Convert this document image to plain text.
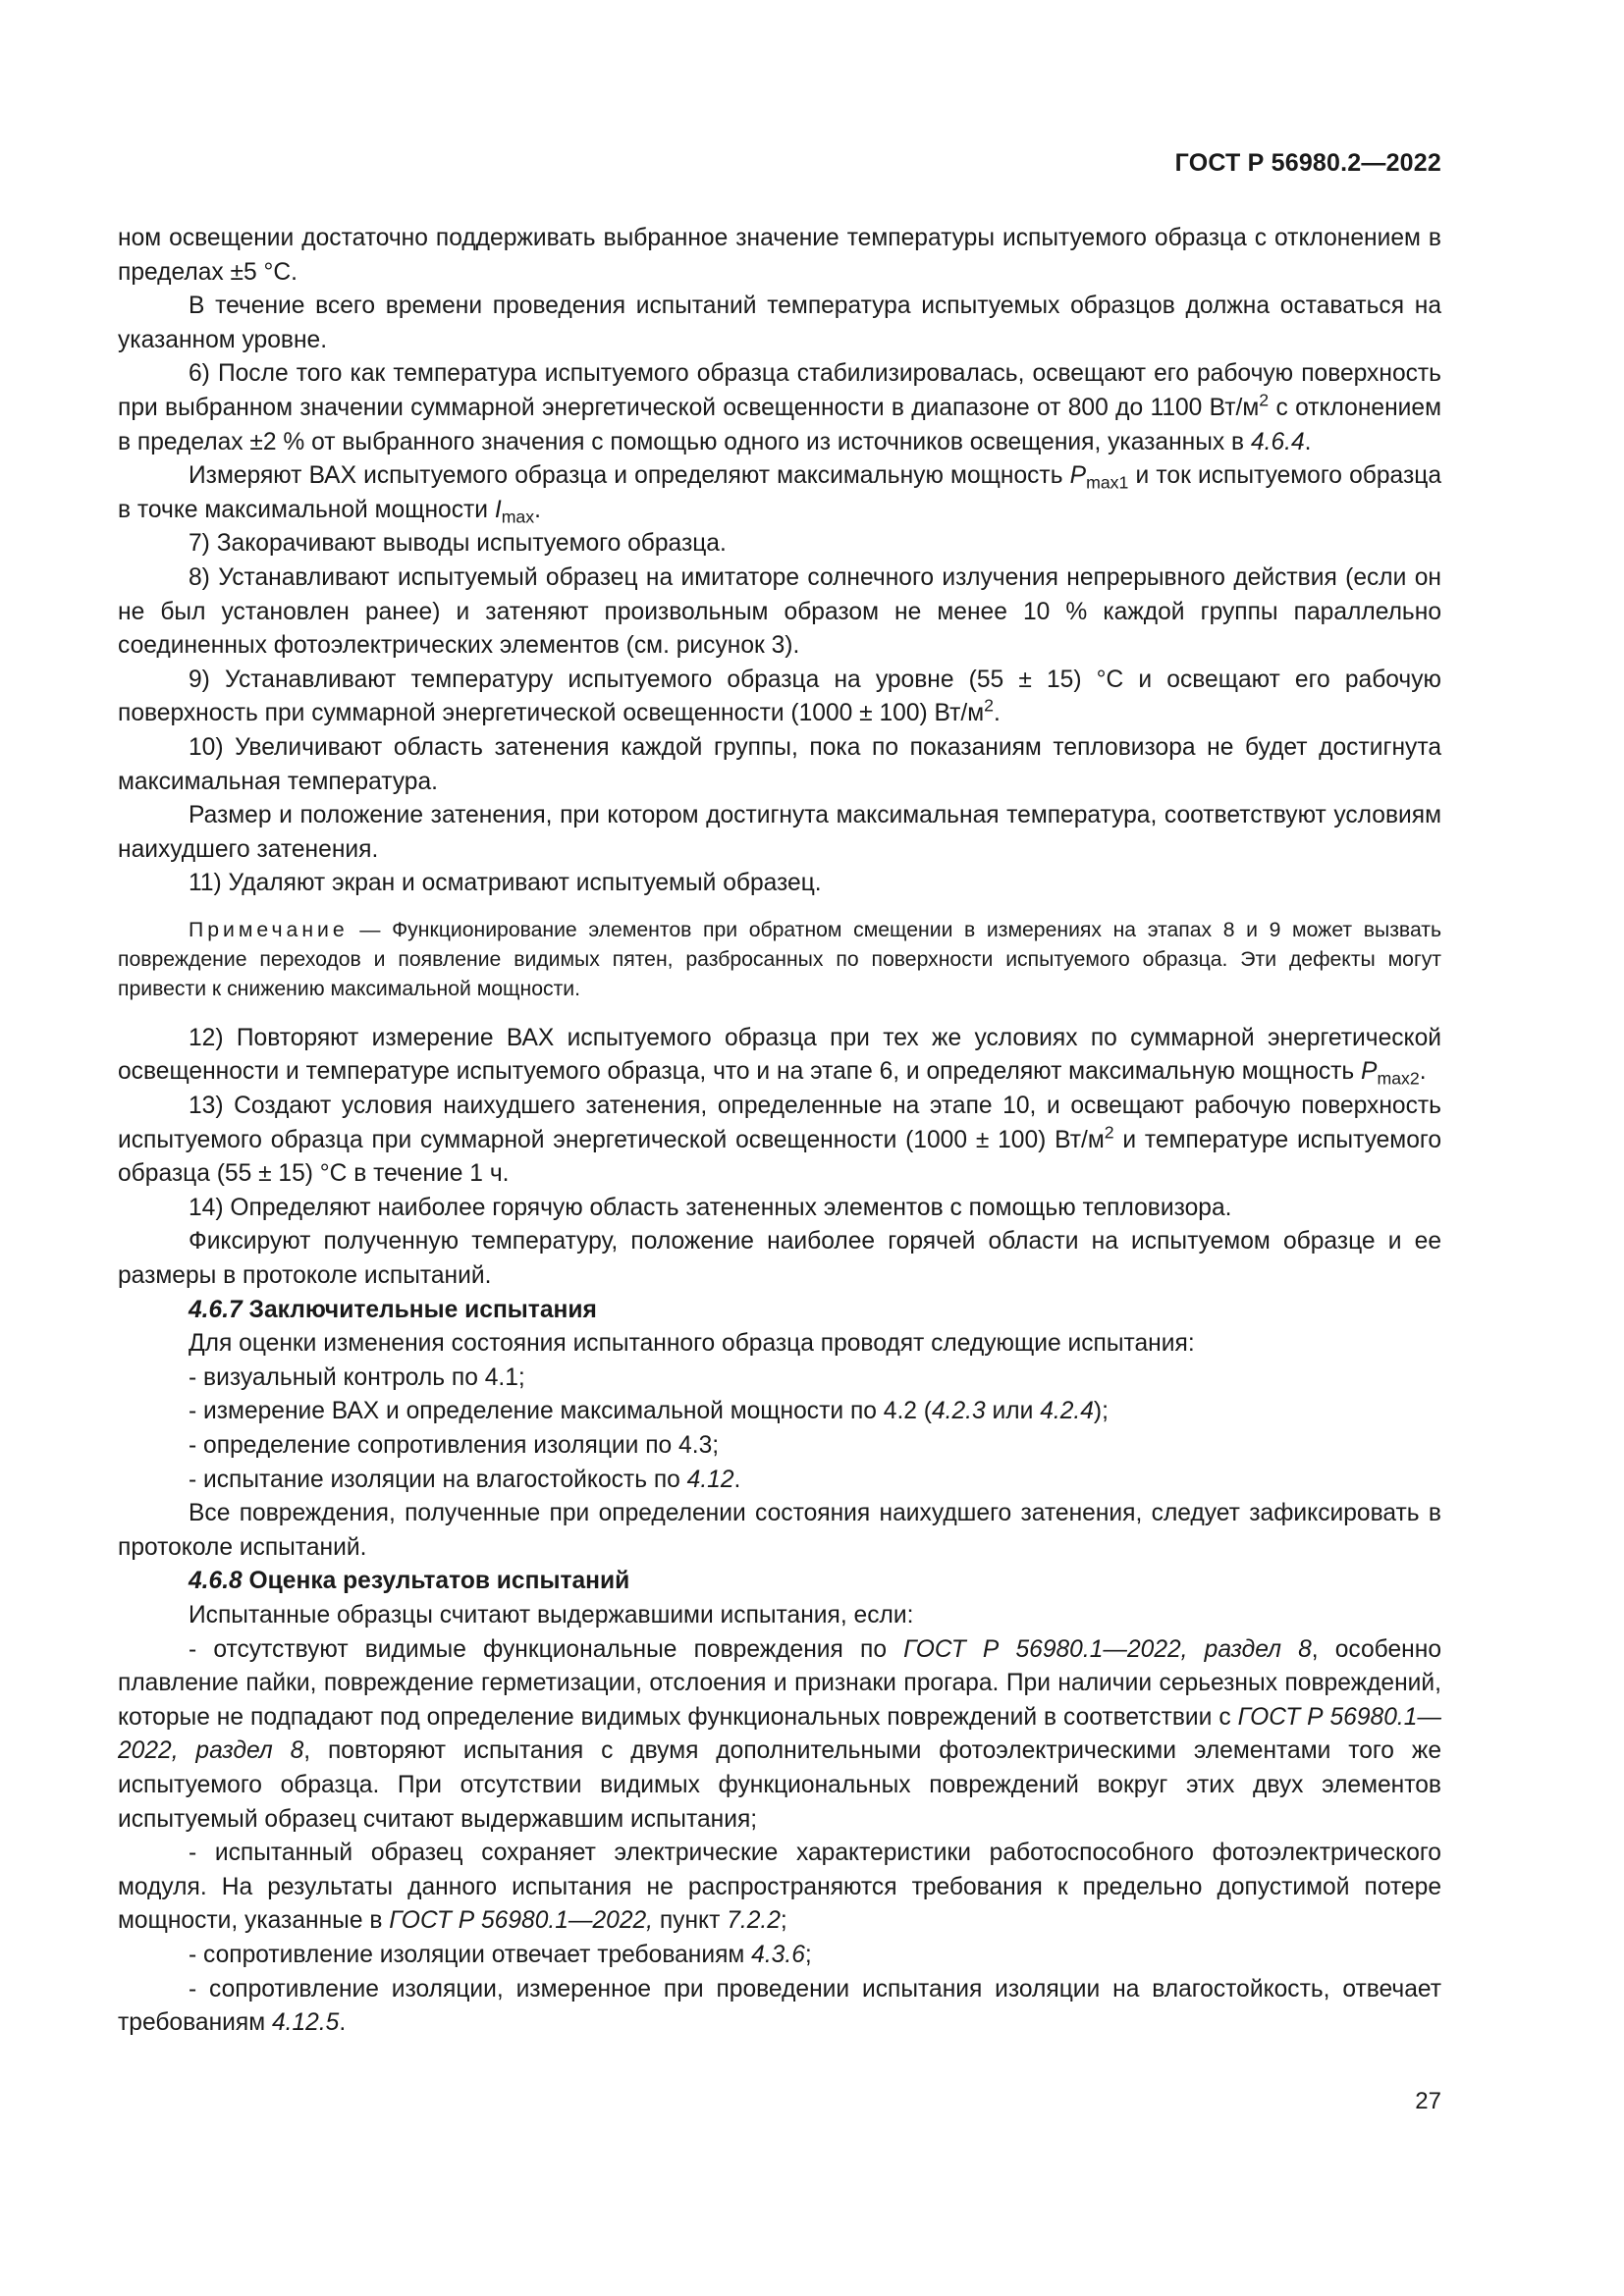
ГОСТ Р 56980.2—2022

ном освещении достаточно поддерживать выбранное значение температуры испытуемого образца с отклонением в пределах ±5 °С.

В течение всего времени проведения испытаний температура испытуемых образцов должна оставаться на указанном уровне.

6) После того как температура испытуемого образца стабилизировалась, освещают его рабочую поверхность при выбранном значении суммарной энергетической освещенности в диапазоне от 800 до 1100 $Вт/м^2$ с отклонением в пределах ±2 % от выбранного значения с помощью одного из источников освещения, указанных в 4.6.4.

Измеряют ВАХ испытуемого образца и определяют максимальную мощность $P_{max1}$ и ток испытуемого образца в точке максимальной мощности $I_{max}$.

7) Закорачивают выводы испытуемого образца.

8) Устанавливают испытуемый образец на имитаторе солнечного излучения непрерывного действия (если он не был установлен ранее) и затеняют произвольным образом не менее 10 % каждой группы параллельно соединенных фотоэлектрических элементов (см. рисунок 3).

9) Устанавливают температуру испытуемого образца на уровне (55 ± 15) °С и освещают его рабочую поверхность при суммарной энергетической освещенности (1000 ± 100) $Вт/м^2$.

10) Увеличивают область затенения каждой группы, пока по показаниям тепловизора не будет достигнута максимальная температура.

Размер и положение затенения, при котором достигнута максимальная температура, соответствуют условиям наихудшего затенения.

11) Удаляют экран и осматривают испытуемый образец.

Примечание — Функционирование элементов при обратном смещении в измерениях на этапах 8 и 9 может вызвать повреждение переходов и появление видимых пятен, разбросанных по поверхности испытуемого образца. Эти дефекты могут привести к снижению максимальной мощности.

12) Повторяют измерение ВАХ испытуемого образца при тех же условиях по суммарной энергетической освещенности и температуре испытуемого образца, что и на этапе 6, и определяют максимальную мощность $P_{max2}$.

13) Создают условия наихудшего затенения, определенные на этапе 10, и освещают рабочую поверхность испытуемого образца при суммарной энергетической освещенности (1000 ± 100) $Вт/м^2$ и температуре испытуемого образца (55 ± 15) °С в течение 1 ч.

14) Определяют наиболее горячую область затененных элементов с помощью тепловизора.

Фиксируют полученную температуру, положение наиболее горячей области на испытуемом образце и ее размеры в протоколе испытаний.

4.6.7 Заключительные испытания

Для оценки изменения состояния испытанного образца проводят следующие испытания:

- визуальный контроль по 4.1;

- измерение ВАХ и определение максимальной мощности по 4.2 (4.2.3 или 4.2.4);

- определение сопротивления изоляции по 4.3;

- испытание изоляции на влагостойкость по 4.12.

Все повреждения, полученные при определении состояния наихудшего затенения, следует зафиксировать в протоколе испытаний.

4.6.8 Оценка результатов испытаний

Испытанные образцы считают выдержавшими испытания, если:

- отсутствуют видимые функциональные повреждения по ГОСТ Р 56980.1—2022, раздел 8, особенно плавление пайки, повреждение герметизации, отслоения и признаки прогара. При наличии серьезных повреждений, которые не подпадают под определение видимых функциональных повреждений в соответствии с ГОСТ Р 56980.1—2022, раздел 8, повторяют испытания с двумя дополнительными фотоэлектрическими элементами того же испытуемого образца. При отсутствии видимых функциональных повреждений вокруг этих двух элементов испытуемый образец считают выдержавшим испытания;

- испытанный образец сохраняет электрические характеристики работоспособного фотоэлектрического модуля. На результаты данного испытания не распространяются требования к предельно допустимой потере мощности, указанные в ГОСТ Р 56980.1—2022, пункт 7.2.2;

- сопротивление изоляции отвечает требованиям 4.3.6;

- сопротивление изоляции, измеренное при проведении испытания изоляции на влагостойкость, отвечает требованиям 4.12.5.

27
